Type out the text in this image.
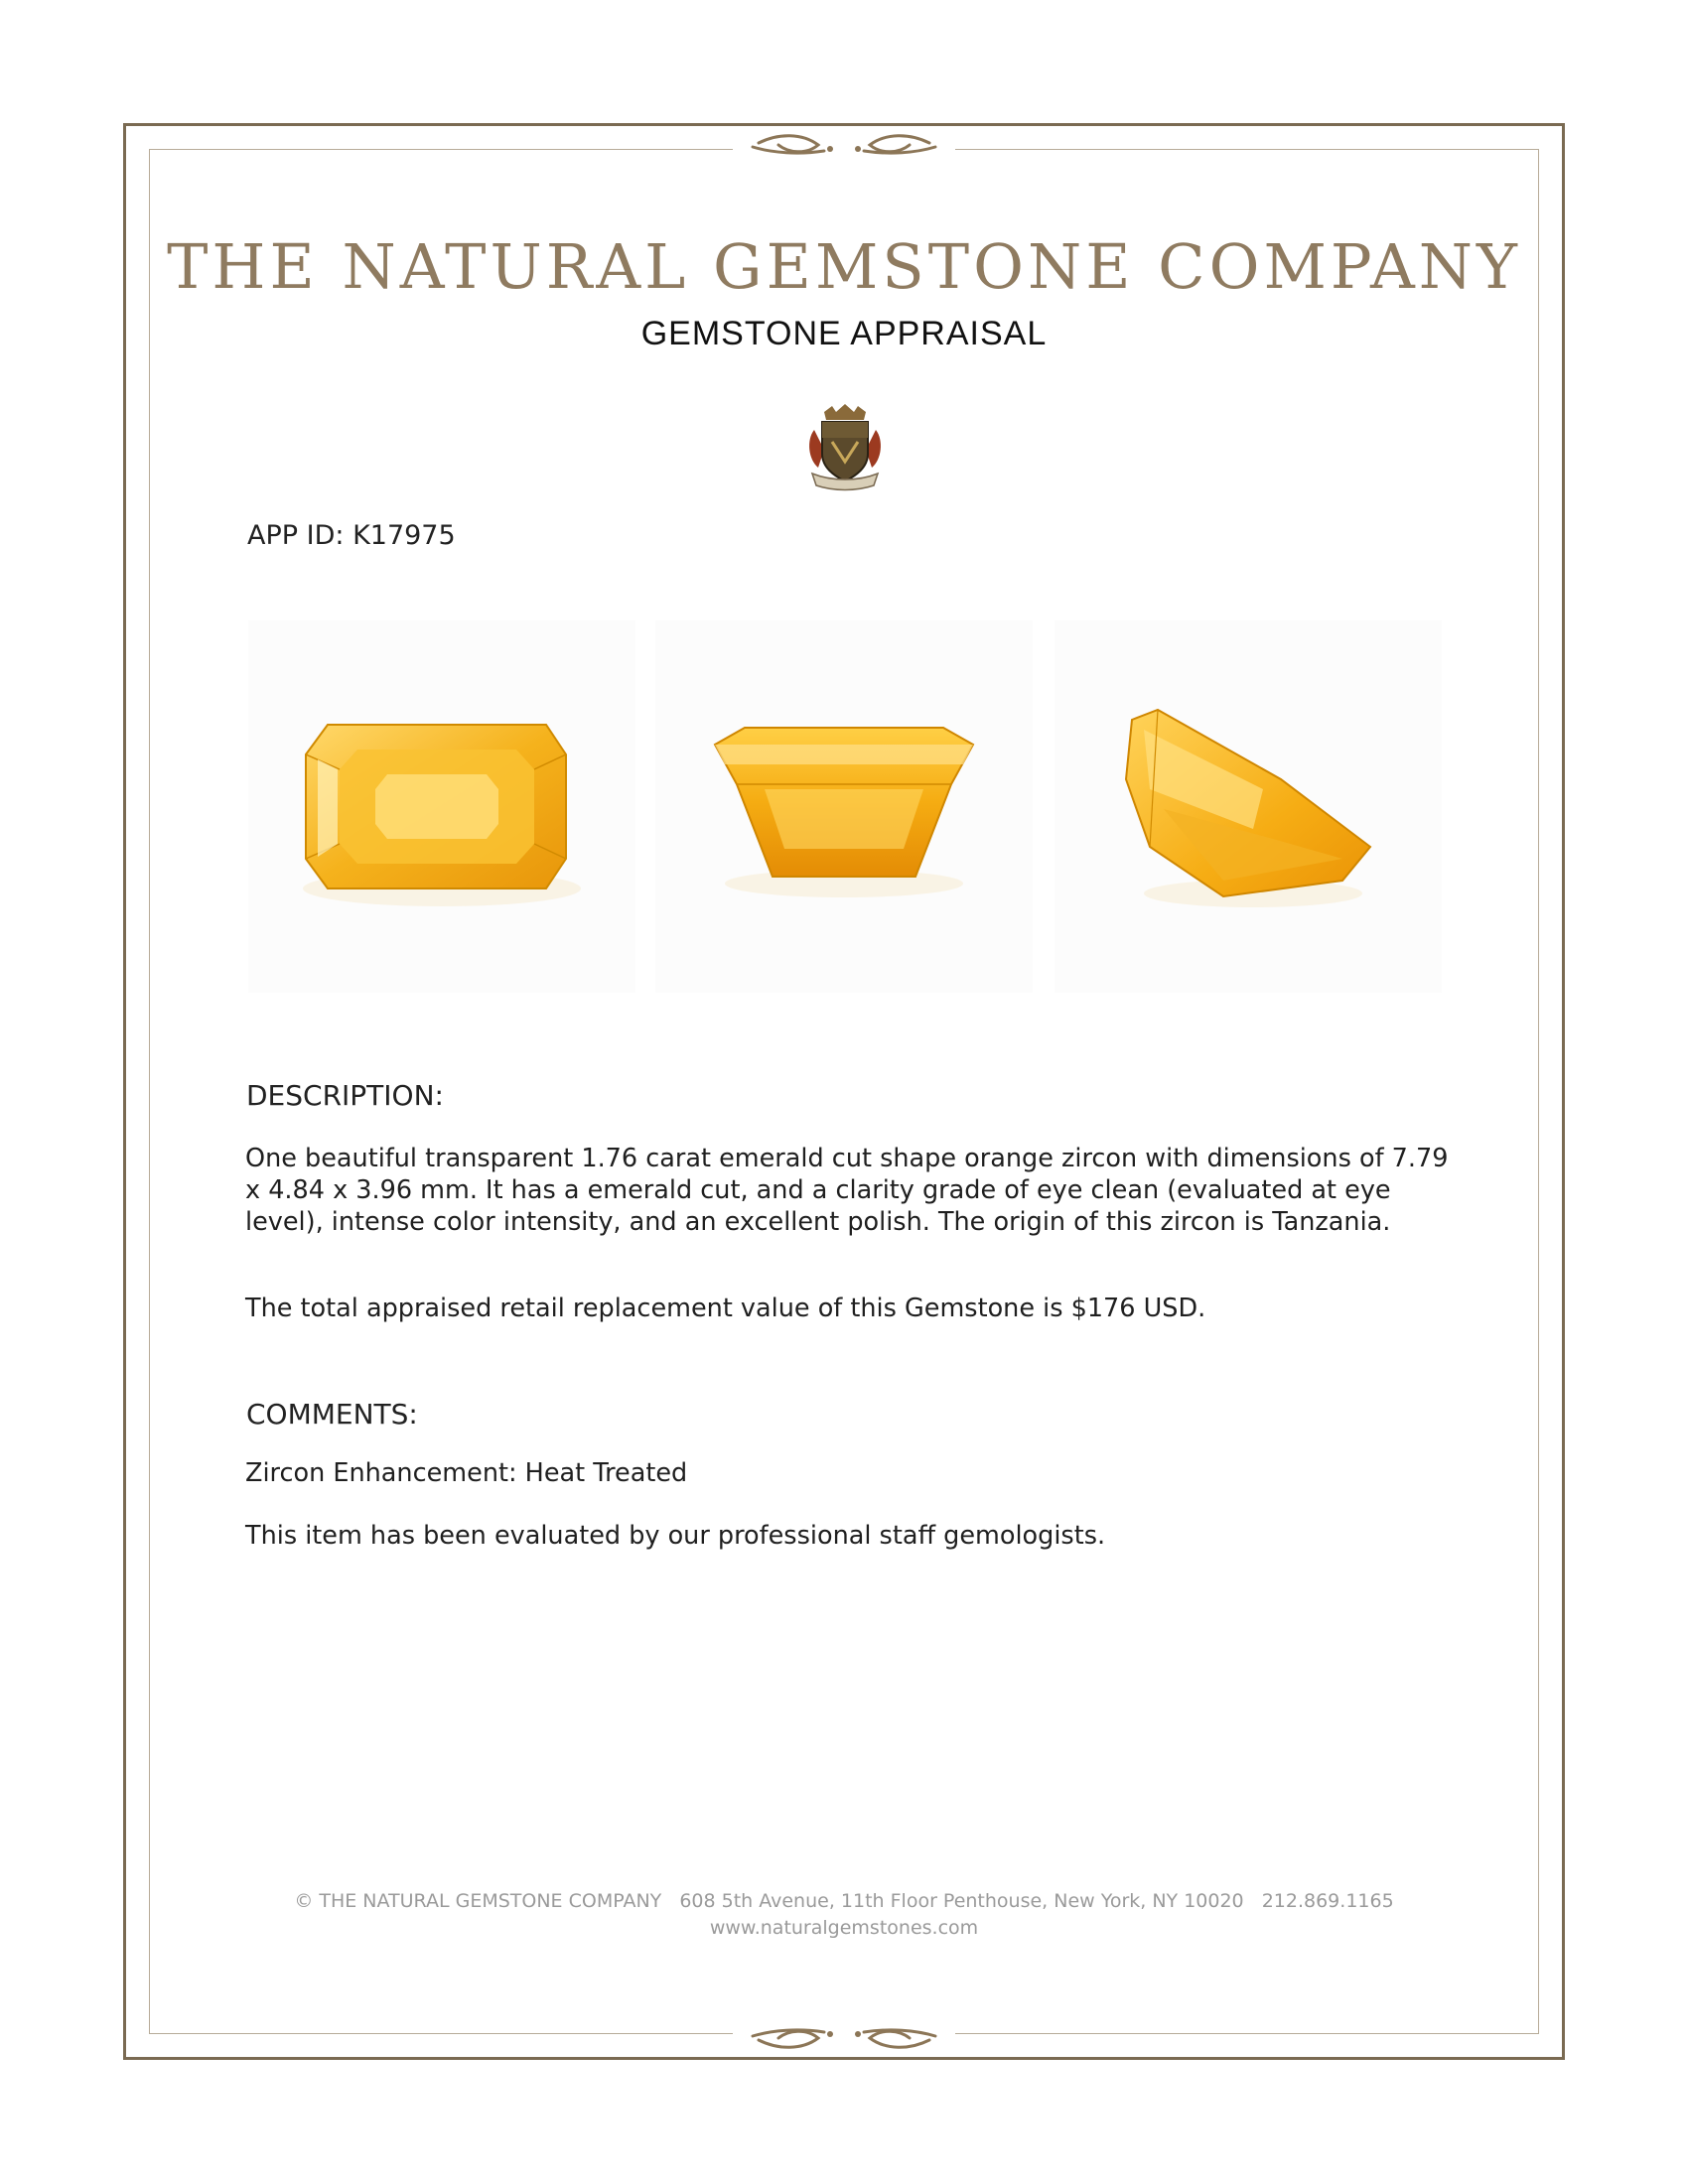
THE NATURAL GEMSTONE COMPANY
GEMSTONE APPRAISAL
APP ID: K17975
DESCRIPTION:

One beautiful transparent 1.76 carat emerald cut shape orange zircon with dimensions of 7.79 x 4.84 x 3.96 mm. It has a emerald cut, and a clarity grade of eye clean (evaluated at eye level), intense color intensity, and an excellent polish. The origin of this zircon is Tanzania.

The total appraised retail replacement value of this Gemstone is $176 USD.

COMMENTS:

Zircon Enhancement: Heat Treated

This item has been evaluated by our professional staff gemologists.

© THE NATURAL GEMSTONE COMPANY 608 5th Avenue, 11th Floor Penthouse, New York, NY 10020 212.869.1165
www.naturalgemstones.com
